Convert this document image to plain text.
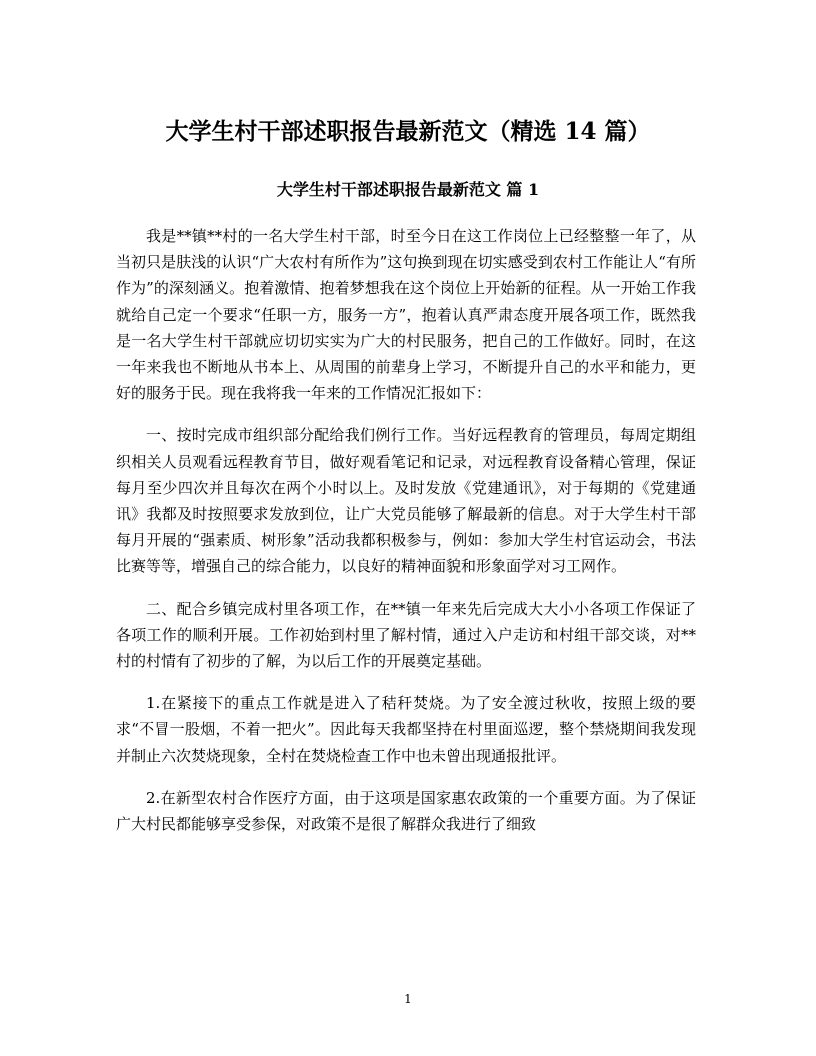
大学生村干部述职报告最新范文（精选 14 篇）
大学生村干部述职报告最新范文 篇 1

我是**镇**村的一名大学生村干部，时至今日在这工作岗位上已经整整一年了，从当初只是肤浅的认识“广大农村有所作为”这句换到现在切实感受到农村工作能让人“有所作为”的深刻涵义。抱着激情、抱着梦想我在这个岗位上开始新的征程。从一开始工作我就给自己定一个要求“任职一方，服务一方”，抱着认真严肃态度开展各项工作，既然我是一名大学生村干部就应切切实实为广大的村民服务，把自己的工作做好。同时，在这一年来我也不断地从书本上、从周围的前辈身上学习，不断提升自己的水平和能力，更好的服务于民。现在我将我一年来的工作情况汇报如下：

一、按时完成市组织部分配给我们例行工作。当好远程教育的管理员，每周定期组织相关人员观看远程教育节目，做好观看笔记和记录，对远程教育设备精心管理，保证每月至少四次并且每次在两个小时以上。及时发放《党建通讯》，对于每期的《党建通讯》我都及时按照要求发放到位，让广大党员能够了解最新的信息。对于大学生村干部每月开展的“强素质、树形象”活动我都积极参与，例如：参加大学生村官运动会，书法比赛等等，增强自己的综合能力，以良好的精神面貌和形象面学对习工网作。

二、配合乡镇完成村里各项工作，在**镇一年来先后完成大大小小各项工作保证了各项工作的顺利开展。工作初始到村里了解村情，通过入户走访和村组干部交谈，对**村的村情有了初步的了解，为以后工作的开展奠定基础。

1.在紧接下的重点工作就是进入了秸秆焚烧。为了安全渡过秋收，按照上级的要求“不冒一股烟，不着一把火”。因此每天我都坚持在村里面巡逻，整个禁烧期间我发现并制止六次焚烧现象，全村在焚烧检查工作中也未曾出现通报批评。

2.在新型农村合作医疗方面，由于这项是国家惠农政策的一个重要方面。为了保证广大村民都能够享受参保，对政策不是很了解群众我进行了细致

1
